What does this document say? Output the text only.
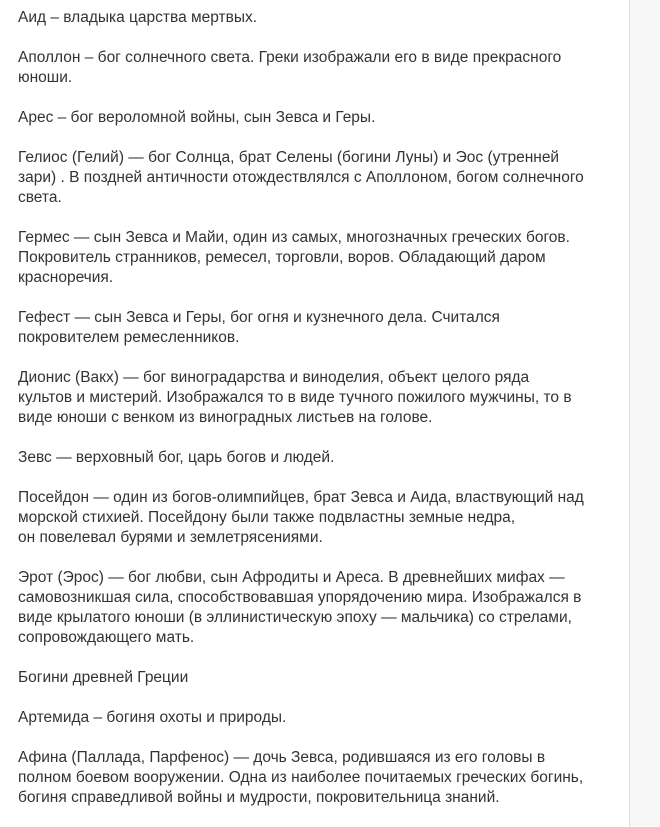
Аид – владыка царства мертвых.

Аполлон – бог солнечного света. Греки изображали его в виде прекрасного
юноши.

Арес – бог вероломной войны, сын Зевса и Геры.

Гелиос (Гелий) — бог Солнца, брат Селены (богини Луны) и Эос (утренней
зари) . В поздней античности отождествлялся с Аполлоном, богом солнечного
света.

Гермес — сын Зевса и Майи, один из самых, многозначных греческих богов.
Покровитель странников, ремесел, торговли, воров. Обладающий даром
красноречия.

Гефест — сын Зевса и Геры, бог огня и кузнечного дела. Считался
покровителем ремесленников.

Дионис (Вакх) — бог виноградарства и виноделия, объект целого ряда
культов и мистерий. Изображался то в виде тучного пожилого мужчины, то в
виде юноши с венком из виноградных листьев на голове.

Зевс — верховный бог, царь богов и людей.

Посейдон — один из богов-олимпийцев, брат Зевса и Аида, властвующий над
морской стихией. Посейдону были также подвластны земные недра,
он повелевал бурями и землетрясениями.

Эрот (Эрос) — бог любви, сын Афродиты и Ареса. В древнейших мифах —
самовозникшая сила, способствовавшая упорядочению мира. Изображался в
виде крылатого юноши (в эллинистическую эпоху — мальчика) со стрелами,
сопровождающего мать.

Богини древней Греции

Артемида – богиня охоты и природы.

Афина (Паллада, Парфенос) — дочь Зевса, родившаяся из его головы в
полном боевом вооружении. Одна из наиболее почитаемых греческих богинь,
богиня справедливой войны и мудрости, покровительница знаний.
